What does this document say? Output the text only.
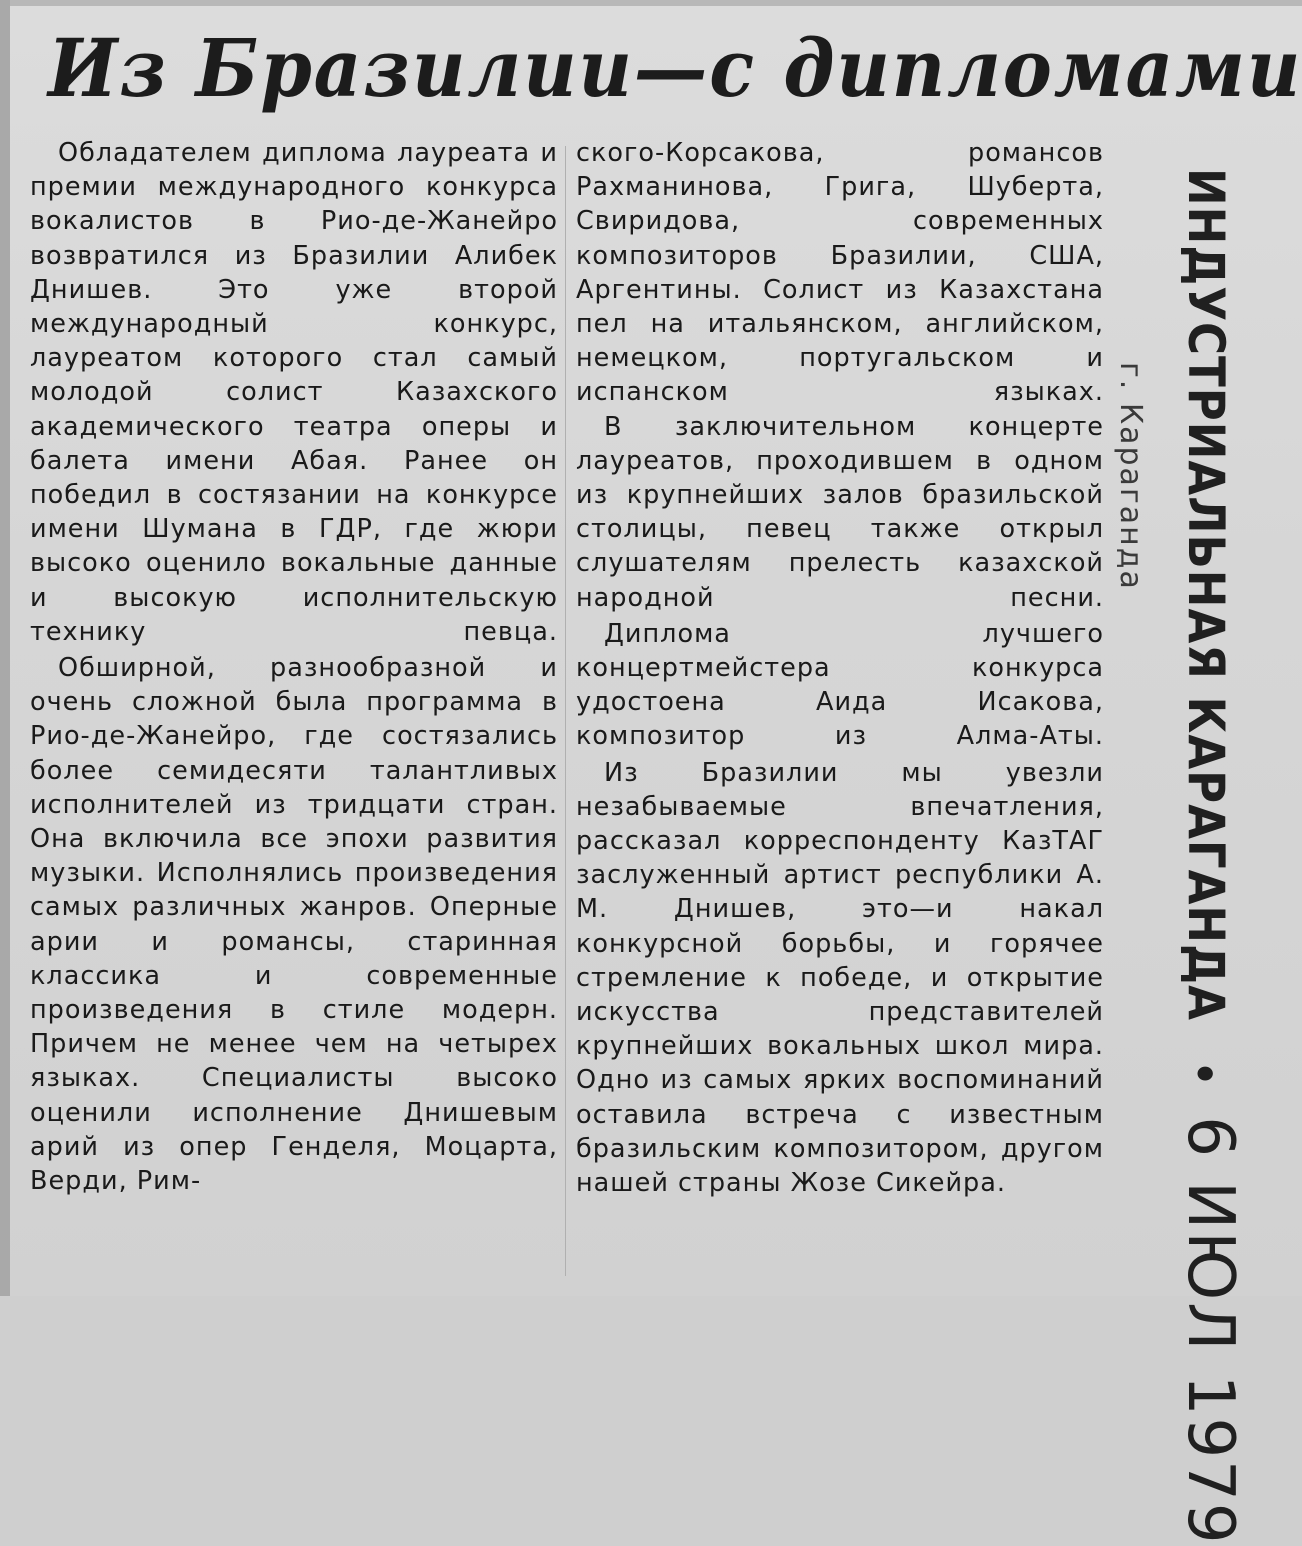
Из Бразилии—с дипломами

Обладателем диплома лауреата и премии международного конкурса вокалистов в Рио-де-Жанейро возвратился из Бразилии Алибек Днишев. Это уже второй международный конкурс, лауреатом которого стал самый молодой солист Казахского академического театра оперы и балета имени Абая. Ранее он победил в состязании на конкурсе имени Шумана в ГДР, где жюри высоко оценило вокальные данные и высокую исполнительскую технику певца.

Обширной, разнообразной и очень сложной была программа в Рио-де-Жанейро, где состязались более семидесяти талантливых исполнителей из тридцати стран. Она включила все эпохи развития музыки. Исполнялись произведения самых различных жанров. Оперные арии и романсы, старинная классика и современные произведения в стиле модерн. Причем не менее чем на четырех языках. Специалисты высоко оценили исполнение Днишевым арий из опер Генделя, Моцарта, Верди, Рим-

ского-Корсакова, романсов Рахманинова, Грига, Шуберта, Свиридова, современных композиторов Бразилии, США, Аргентины. Солист из Казахстана пел на итальянском, английском, немецком, португальском и испанском языках.

В заключительном концерте лауреатов, проходившем в одном из крупнейших залов бразильской столицы, певец также открыл слушателям прелесть казахской народной песни.

Диплома лучшего концертмейстера конкурса удостоена Аида Исакова, композитор из Алма-Аты.

Из Бразилии мы увезли незабываемые впечатления, рассказал корреспонденту КазТАГ заслуженный артист республики А. М. Днишев, это—и накал конкурсной борьбы, и горячее стремление к победе, и открытие искусства представителей крупнейших вокальных школ мира. Одно из самых ярких воспоминаний оставила встреча с известным бразильским композитором, другом нашей страны Жозе Сикейра.

ИНДУСТРИАЛЬНАЯ КАРАГАНДА•6 ИЮЛ 1979
г. Караганда
